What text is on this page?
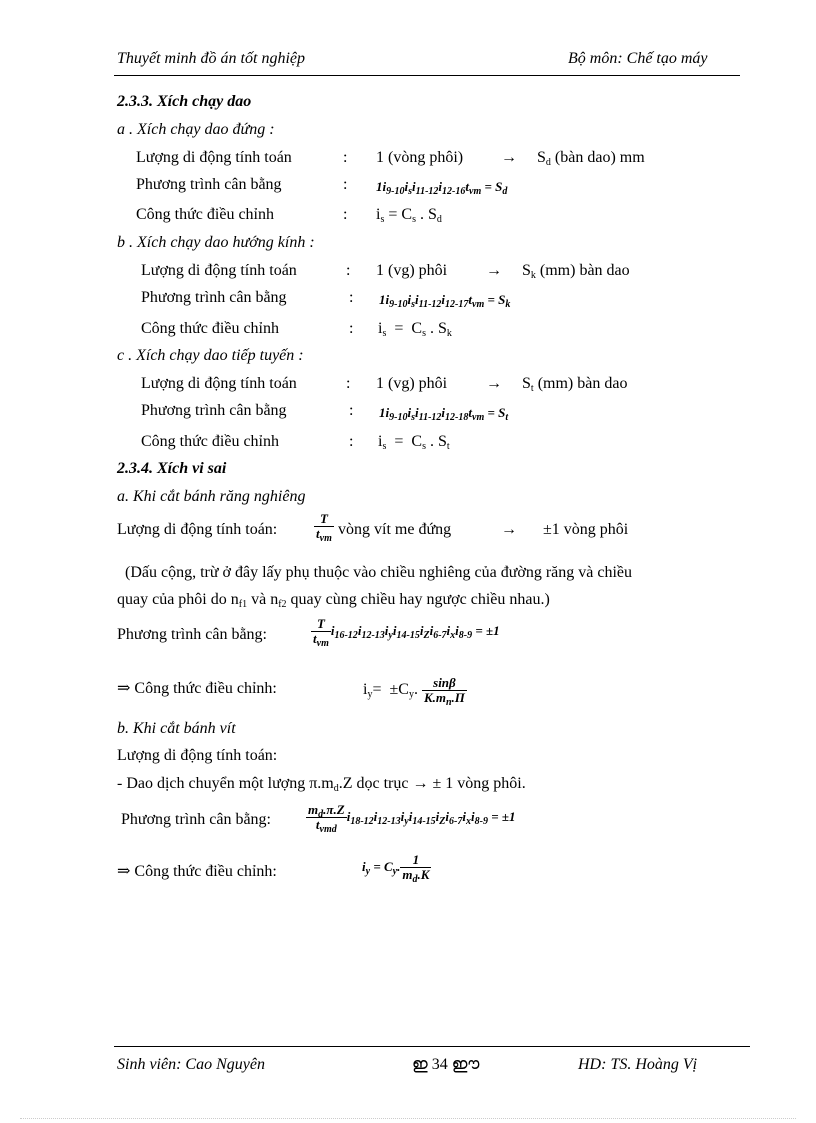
Thuyết minh đồ án tốt nghiệp	Bộ môn: Chế tạo máy
2.3.3. Xích chạy dao
a . Xích chạy dao đứng :
Lượng di động tính toán	: 1 (vòng phôi) → $S_d$ (bàn dao) mm
Phương trình cân bằng	: $1i_{9-10}i_si_{11-12}i_{12-16}t_{vm} = S_d$
Công thức điều chỉnh	: $i_s = C_s$ . $S_d$
b . Xích chạy dao hướng kính :
Lượng di động tính toán	: 1 (vg) phôi → $S_k$ (mm) bàn dao
Phương trình cân bằng	: $1i_{9-10}i_si_{11-12}i_{12-17}t_{vm} = S_k$
Công thức điều chỉnh	: $i_s = C_s$ . $S_k$
c . Xích chạy dao tiếp tuyến :
Lượng di động tính toán	: 1 (vg) phôi → $S_t$ (mm) bàn dao
Phương trình cân bằng	: $1i_{9-10}i_si_{11-12}i_{12-18}t_{vm} = S_t$
Công thức điều chỉnh	: $i_s = C_s$ . $S_t$
2.3.4. Xích vi sai
a. Khi cắt bánh răng nghiêng
Lượng di động tính toán:	$\frac{T}{t_{vm}}$ vòng vít me đứng	→ ±1 vòng phôi
(Dấu cộng, trừ ở đây lấy phụ thuộc vào chiều nghiêng của đường răng và chiều
quay của phôi do $n_{f1}$ và $n_{f2}$ quay cùng chiều hay ngược chiều nhau.)
Phương trình cân bằng:	$\frac{T}{t_{vm}} i_{16-12}i_{12-13}i_yi_{14-15}i_Zi_{6-7}i_xi_{8-9} = \pm 1$
⇒ Công thức điều chỉnh:	$i_y= \pm C_y$. $\frac{\sin\beta}{K.m_n.\Pi}$
b. Khi cắt bánh vít
Lượng di động tính toán:
- Dao dịch chuyển một lượng $\pi.m_d.Z$ dọc trục → ± 1 vòng phôi.
Phương trình cân bằng:	$\frac{m_d.\pi.Z}{t_{vmd}} i_{18-12}i_{12-13}i_yi_{14-15}i_Zi_{6-7}i_xi_{8-9} = \pm 1$
⇒ Công thức điều chỉnh:	$i_y = C_y$. $\frac{1}{m_d.K}$
Sinh viên: Cao Nguyên	ഇ 34 ഈ	HD: TS. Hoàng Vị
